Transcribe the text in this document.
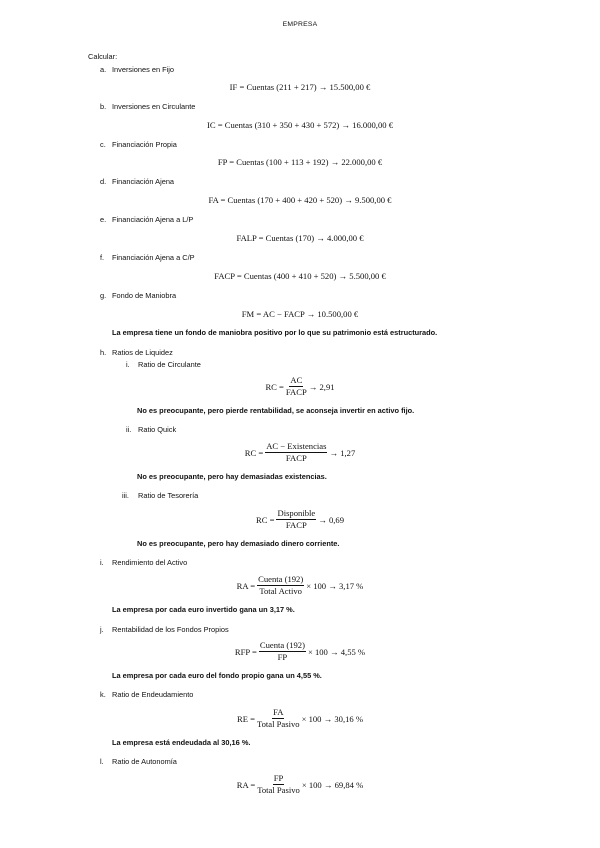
EMPRESA
Calcular:
a. Inversiones en Fijo
IF = Cuentas (211 + 217) → 15.500,00 €
b. Inversiones en Circulante
IC = Cuentas (310 + 350 + 430 + 572) → 16.000,00 €
c. Financiación Propia
FP = Cuentas (100 + 113 + 192) → 22.000,00 €
d. Financiación Ajena
FA = Cuentas (170 + 400 + 420 + 520) → 9.500,00 €
e. Financiación Ajena a L/P
FALP = Cuentas (170) → 4.000,00 €
f. Financiación Ajena a C/P
FACP = Cuentas (400 + 410 + 520) → 5.500,00 €
g. Fondo de Maniobra
FM = AC − FACP → 10.500,00 €
La empresa tiene un fondo de maniobra positivo por lo que su patrimonio está estructurado.
h. Ratios de Liquidez
i. Ratio de Circulante
RC = $\frac{AC}{\text{FACP}} \to 2,91$
No es preocupante, pero pierde rentabilidad, se aconseja invertir en activo fijo.
ii. Ratio Quick
RC = $\frac{\text{AC − Existencias}}{\text{FACP}} \to 1,27$
No es preocupante, pero hay demasiadas existencias.
iii. Ratio de Tesorería
RC = $\frac{\text{Disponible}}{\text{FACP}} \to 0,69$
No es preocupante, pero hay demasiado dinero corriente.
i. Rendimiento del Activo
RA = $\frac{\text{Cuenta (192)}}{\text{Total Activo}} \times 100 \to 3,17$ %
La empresa por cada euro invertido gana un 3,17 %.
j. Rentabilidad de los Fondos Propios
RFP = $\frac{\text{Cuenta (192)}}{FP} \times 100 \to 4,55$ %
La empresa por cada euro del fondo propio gana un 4,55 %.
k. Ratio de Endeudamiento
RE = $\frac{FA}{\text{Total Pasivo}} \times 100 \to 30,16$ %
La empresa está endeudada al 30,16 %.
l. Ratio de Autonomía
RA = $\frac{FP}{\text{Total Pasivo}} \times 100 \to 69,84$ %
